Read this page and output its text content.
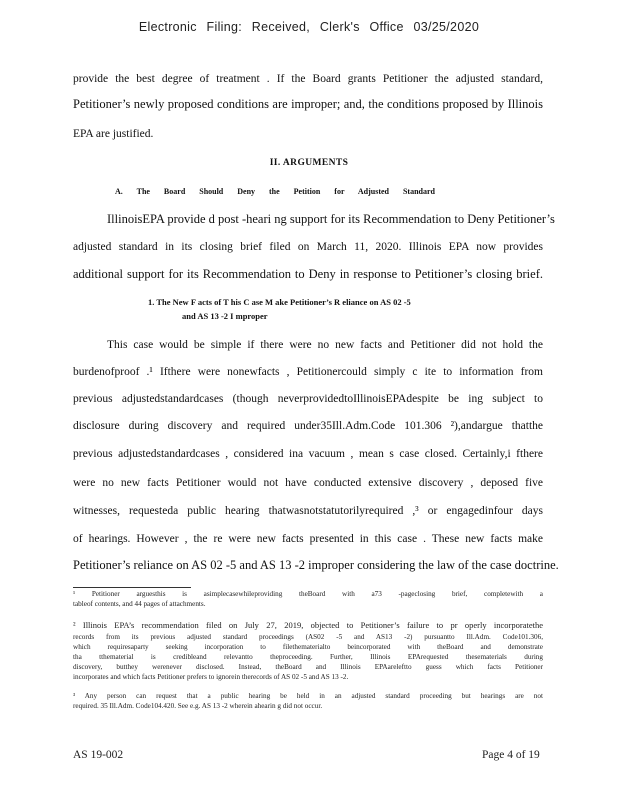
Electronic Filing: Received, Clerk's Office 03/25/2020
provide the best degree of treatment . If the Board grants Petitioner the adjusted standard,
Petitioner’s newly proposed conditions are improper; and, the conditions proposed by Illinois
EPA are justified.
II. ARGUMENTS
A. The Board Should Deny the Petition for Adjusted Standard
IllinoisEPA provide d post -heari ng support for its Recommendation to Deny Petitioner’s
adjusted standard in its closing brief filed on March 11, 2020. Illinois EPA now provides
additional support for its Recommendation to Deny in response to Petitioner’s closing brief.
1. The New F acts of T his C ase M ake Petitioner’s R eliance on AS 02 -5
and AS 13 -2 I mproper
This case would be simple if there were no new facts and Petitioner did not hold the
burdenofproof .¹ Ifthere were nonewfacts , Petitionercould simply c ite to information from
previous adjustedstandardcases (though neverprovidedtoIllinoisEPAdespite be ing subject to
disclosure during discovery and required under35Ill.Adm.Code 101.306 ²),andargue thatthe
previous adjustedstandardcases , considered ina vacuum , mean s case closed. Certainly,i fthere
were no new facts Petitioner would not have conducted extensive discovery , deposed five
witnesses, requesteda public hearing thatwasnotstatutorilyrequired ,³ or engagedinfour days
of hearings. However , the re were new facts presented in this case . These new facts make
Petitioner’s reliance on AS 02 -5 and AS 13 -2 improper considering the law of the case doctrine.
¹ Petitioner arguesthis is asimplecasewhileproviding theBoard with a73 -pageclosing brief, completewith a
tableof contents, and 44 pages of attachments.
² Illinois EPA’s recommendation filed on July 27, 2019, objected to Petitioner’s failure to pr operly incorporatethe
records from its previous adjusted standard proceedings (AS02 -5 and AS13 -2) pursuantto Ill.Adm. Code101.306,
which requiresaparty seeking incorporation to filethematerialto beincorporated with theBoard and demonstrate
tha tthematerial is credibleand relevantto theproceeding. Further, Illinois EPArequested thesematerials during
discovery, butthey werenever disclosed. Instead, theBoard and Illinois EPAareleftto guess which facts Petitioner
incorporates and which facts Petitioner prefers to ignorein therecords of AS 02 -5 and AS 13 -2.
³ Any person can request that a public hearing be held in an adjusted standard proceeding but hearings are not
required. 35 Ill.Adm. Code104.420. See e.g. AS 13 -2 wherein ahearin g did not occur.
AS 19-002	Page 4 of 19
